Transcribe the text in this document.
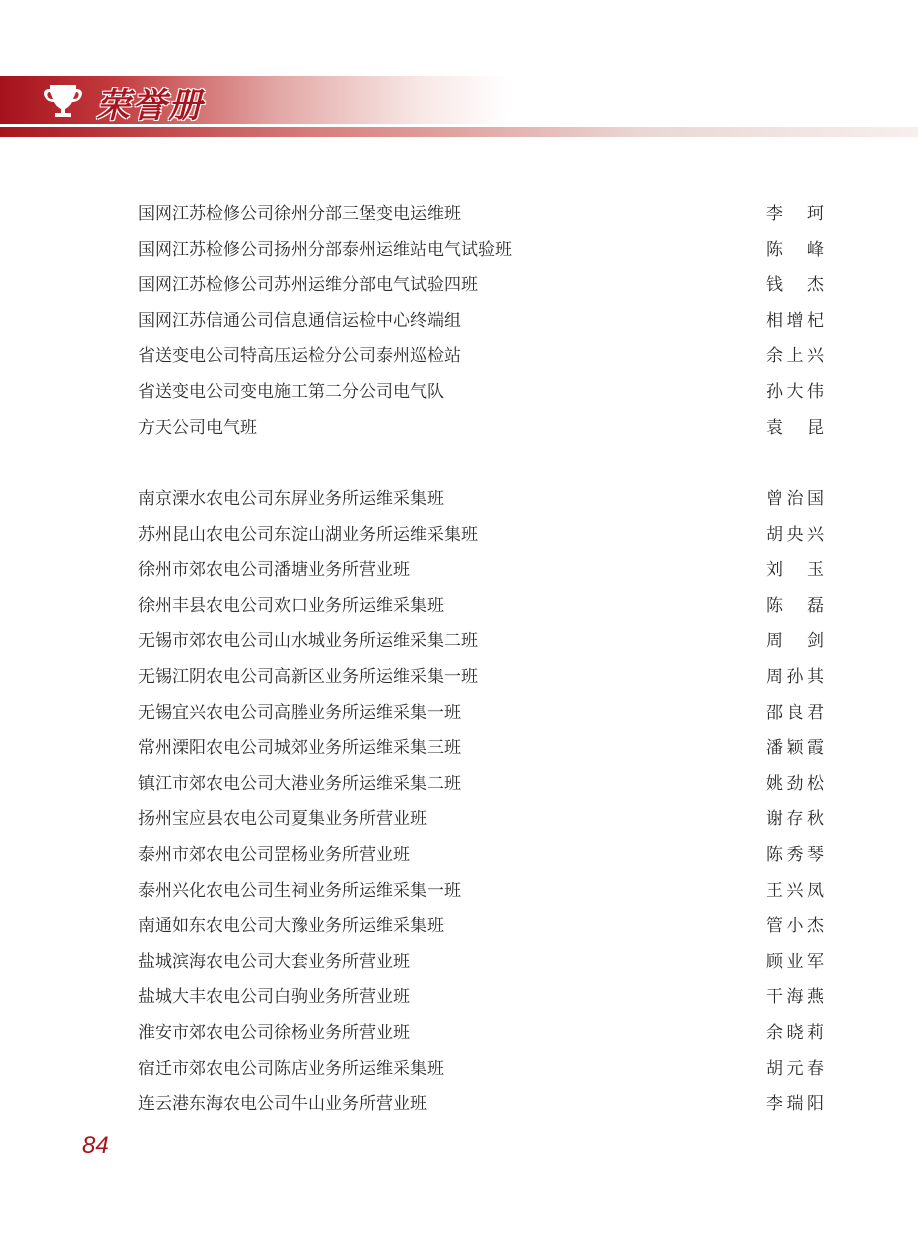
荣誉册
国网江苏检修公司徐州分部三堡变电运维班	李 珂
国网江苏检修公司扬州分部泰州运维站电气试验班	陈 峰
国网江苏检修公司苏州运维分部电气试验四班	钱 杰
国网江苏信通公司信息通信运检中心终端组	相增杞
省送变电公司特高压运检分公司泰州巡检站	余上兴
省送变电公司变电施工第二分公司电气队	孙大伟
方天公司电气班	袁 昆
南京溧水农电公司东屏业务所运维采集班	曾治国
苏州昆山农电公司东淀山湖业务所运维采集班	胡央兴
徐州市郊农电公司潘塘业务所营业班	刘 玉
徐州丰县农电公司欢口业务所运维采集班	陈 磊
无锡市郊农电公司山水城业务所运维采集二班	周 剑
无锡江阴农电公司高新区业务所运维采集一班	周孙其
无锡宜兴农电公司高塍业务所运维采集一班	邵良君
常州溧阳农电公司城郊业务所运维采集三班	潘颖霞
镇江市郊农电公司大港业务所运维采集二班	姚劲松
扬州宝应县农电公司夏集业务所营业班	谢存秋
泰州市郊农电公司罡杨业务所营业班	陈秀琴
泰州兴化农电公司生祠业务所运维采集一班	王兴凤
南通如东农电公司大豫业务所运维采集班	管小杰
盐城滨海农电公司大套业务所营业班	顾业军
盐城大丰农电公司白驹业务所营业班	干海燕
淮安市郊农电公司徐杨业务所营业班	余晓莉
宿迁市郊农电公司陈店业务所运维采集班	胡元春
连云港东海农电公司牛山业务所营业班	李瑞阳
84
